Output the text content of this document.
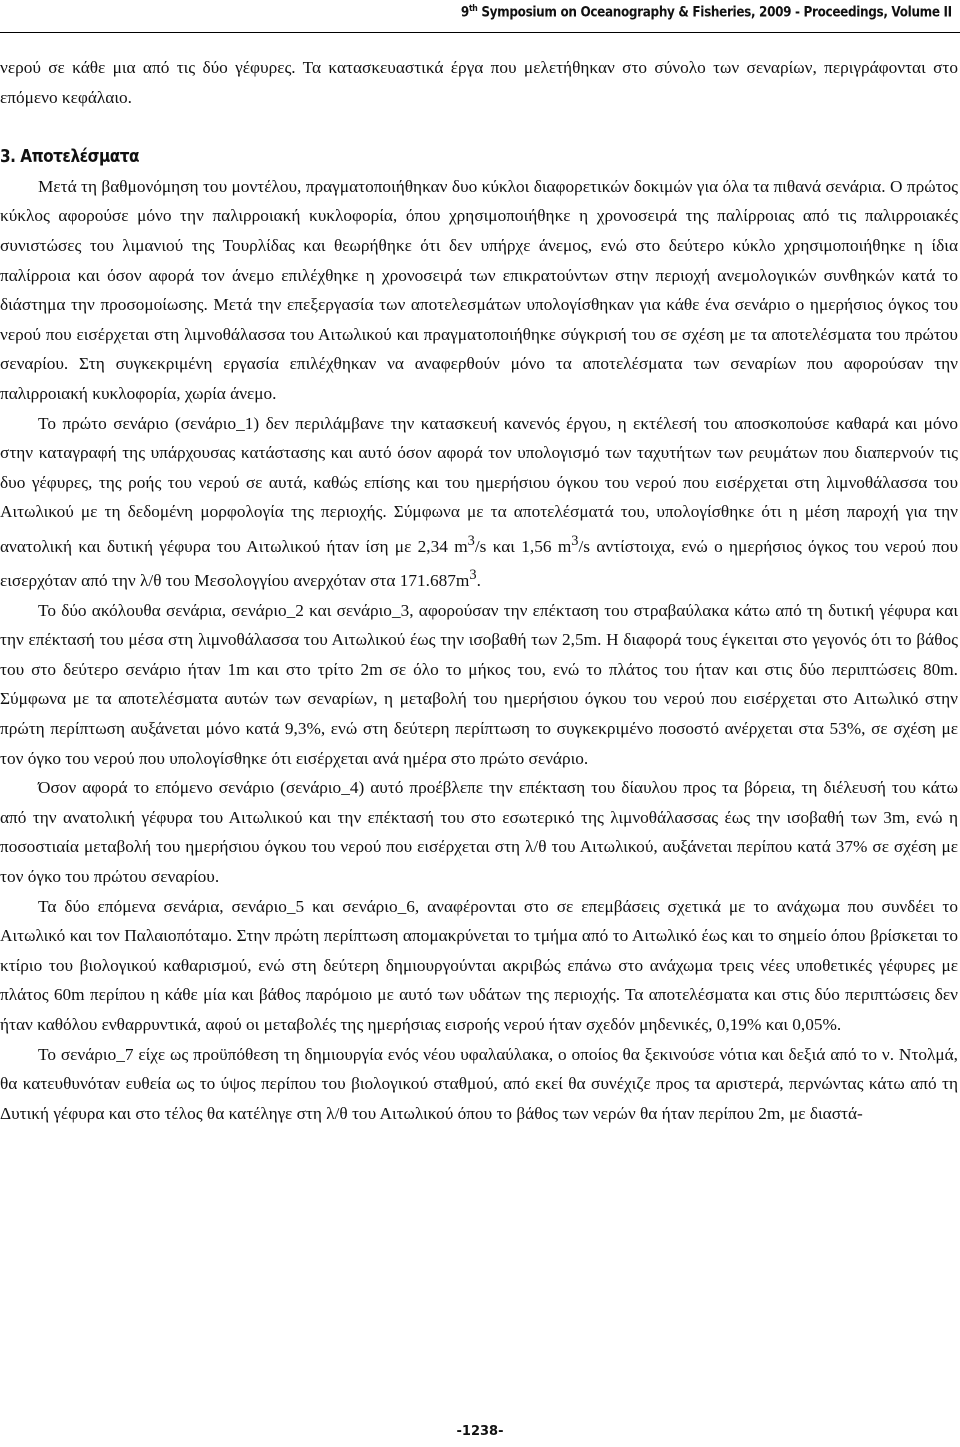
9th Symposium on Oceanography & Fisheries, 2009 - Proceedings, Volume II

νερού σε κάθε μια από τις δύο γέφυρες. Τα κατασκευαστικά έργα που μελετήθηκαν στο σύνολο των σεναρίων, περιγράφονται στο επόμενο κεφάλαιο.

3. Αποτελέσματα

Μετά τη βαθμονόμηση του μοντέλου, πραγματοποιήθηκαν δυο κύκλοι διαφορετικών δοκιμών για όλα τα πιθανά σενάρια. Ο πρώτος κύκλος αφορούσε μόνο την παλιρροιακή κυκλοφορία, όπου χρησιμοποιήθηκε η χρονοσειρά της παλίρροιας από τις παλιρροιακές συνιστώσες του λιμανιού της Τουρλίδας και θεωρήθηκε ότι δεν υπήρχε άνεμος, ενώ στο δεύτερο κύκλο χρησιμοποιήθηκε η ίδια παλίρροια και όσον αφορά τον άνεμο επιλέχθηκε η χρονοσειρά των επικρατούντων στην περιοχή ανεμολογικών συνθηκών κατά το διάστημα την προσομοίωσης. Μετά την επεξεργασία των αποτελεσμάτων υπολογίσθηκαν για κάθε ένα σενάριο ο ημερήσιος όγκος του νερού που εισέρχεται στη λιμνοθάλασσα του Αιτωλικού και πραγματοποιήθηκε σύγκρισή του σε σχέση με τα αποτελέσματα του πρώτου σεναρίου. Στη συγκεκριμένη εργασία επιλέχθηκαν να αναφερθούν μόνο τα αποτελέσματα των σεναρίων που αφορούσαν την παλιρροιακή κυκλοφορία, χωρία άνεμο.

Το πρώτο σενάριο (σενάριο_1) δεν περιλάμβανε την κατασκευή κανενός έργου, η εκτέλεσή του αποσκοπούσε καθαρά και μόνο στην καταγραφή της υπάρχουσας κατάστασης και αυτό όσον αφορά τον υπολογισμό των ταχυτήτων των ρευμάτων που διαπερνούν τις δυο γέφυρες, της ροής του νερού σε αυτά, καθώς επίσης και του ημερήσιου όγκου του νερού που εισέρχεται στη λιμνοθάλασσα του Αιτωλικού με τη δεδομένη μορφολογία της περιοχής. Σύμφωνα με τα αποτελέσματά του, υπολογίσθηκε ότι η μέση παροχή για την ανατολική και δυτική γέφυρα του Αιτωλικού ήταν ίση με 2,34 $m^3/s$ και 1,56 $m^3/s$ αντίστοιχα, ενώ ο ημερήσιος όγκος του νερού που εισερχόταν από την λ/θ του Μεσολογγίου ανερχόταν στα $171.687m^3$.

Το δύο ακόλουθα σενάρια, σενάριο_2 και σενάριο_3, αφορούσαν την επέκταση του στραβαύλακα κάτω από τη δυτική γέφυρα και την επέκτασή του μέσα στη λιμνοθάλασσα του Αιτωλικού έως την ισοβαθή των 2,5m. Η διαφορά τους έγκειται στο γεγονός ότι το βάθος του στο δεύτερο σενάριο ήταν 1m και στο τρίτο 2m σε όλο το μήκος του, ενώ το πλάτος του ήταν και στις δύο περιπτώσεις 80m. Σύμφωνα με τα αποτελέσματα αυτών των σεναρίων, η μεταβολή του ημερήσιου όγκου του νερού που εισέρχεται στο Αιτωλικό στην πρώτη περίπτωση αυξάνεται μόνο κατά 9,3%, ενώ στη δεύτερη περίπτωση το συγκεκριμένο ποσοστό ανέρχεται στα 53%, σε σχέση με τον όγκο του νερού που υπολογίσθηκε ότι εισέρχεται ανά ημέρα στο πρώτο σενάριο.

Όσον αφορά το επόμενο σενάριο (σενάριο_4) αυτό προέβλεπε την επέκταση του δίαυλου προς τα βόρεια, τη διέλευσή του κάτω από την ανατολική γέφυρα του Αιτωλικού και την επέκτασή του στο εσωτερικό της λιμνοθάλασσας έως την ισοβαθή των 3m, ενώ η ποσοστιαία μεταβολή του ημερήσιου όγκου του νερού που εισέρχεται στη λ/θ του Αιτωλικού, αυξάνεται περίπου κατά 37% σε σχέση με τον όγκο του πρώτου σεναρίου.

Τα δύο επόμενα σενάρια, σενάριο_5 και σενάριο_6, αναφέρονται στο σε επεμβάσεις σχετικά με το ανάχωμα που συνδέει το Αιτωλικό και τον Παλαιοπόταμο. Στην πρώτη περίπτωση απομακρύνεται το τμήμα από το Αιτωλικό έως και το σημείο όπου βρίσκεται το κτίριο του βιολογικού καθαρισμού, ενώ στη δεύτερη δημιουργούνται ακριβώς επάνω στο ανάχωμα τρεις νέες υποθετικές γέφυρες με πλάτος 60m περίπου η κάθε μία και βάθος παρόμοιο με αυτό των υδάτων της περιοχής. Τα αποτελέσματα και στις δύο περιπτώσεις δεν ήταν καθόλου ενθαρρυντικά, αφού οι μεταβολές της ημερήσιας εισροής νερού ήταν σχεδόν μηδενικές, 0,19% και 0,05%.

Το σενάριο_7 είχε ως προϋπόθεση τη δημιουργία ενός νέου υφαλαύλακα, ο οποίος θα ξεκινούσε νότια και δεξιά από το ν. Ντολμά, θα κατευθυνόταν ευθεία ως το ύψος περίπου του βιολογικού σταθμού, από εκεί θα συνέχιζε προς τα αριστερά, περνώντας κάτω από τη Δυτική γέφυρα και στο τέλος θα κατέληγε στη λ/θ του Αιτωλικού όπου το βάθος των νερών θα ήταν περίπου 2m, με διαστά-

-1238-
